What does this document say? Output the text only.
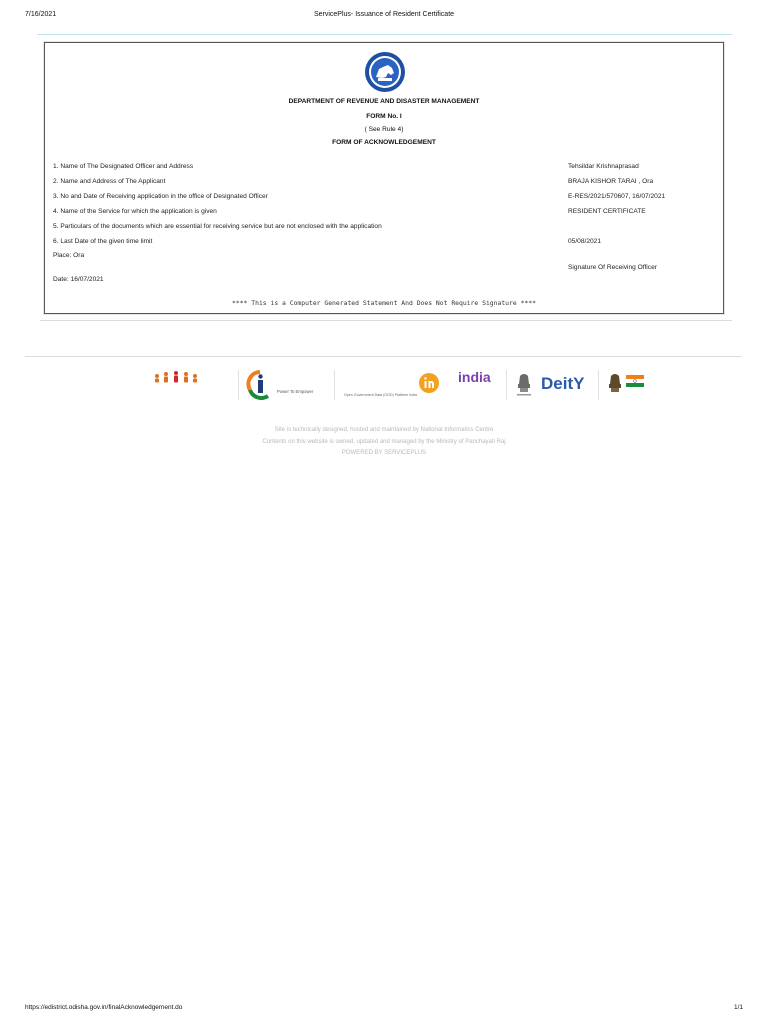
7/16/2021	ServicePlus- Issuance of Resident Certificate
DEPARTMENT OF REVENUE AND DISASTER MANAGEMENT
FORM No. I
( See Rule 4)
FORM OF ACKNOWLEDGEMENT
1. Name of The Designated Officer and Address	Tehsildar Krishnaprasad
2. Name and Address of The Applicant	BRAJA KISHOR TARAI , Ora
3. No and Date of Receiving application in the office of Designated Officer	E-RES/2021/570607, 16/07/2021
4. Name of the Service for which the application is given	RESIDENT CERTIFICATE
5. Particulars of the documents which are essential for receiving service but are not enclosed with the application
6. Last Date of the given time limit	05/08/2021
Place: Ora
Signature Of Receiving Officer
Date: 16/07/2021
**** This is a Computer Generated Statement And Does Not Require Signature ****
Power To Empower
Open Government Data (OGD) Platform India
india	DeitY
Site is technically designed, hosted and maintained by National Informatics Centre
Contents on this website is owned, updated and managed by the Ministry of Panchayati Raj
POWERED BY SERVICEPLUS
https://edistrict.odisha.gov.in/finalAcknowledgement.do	1/1
